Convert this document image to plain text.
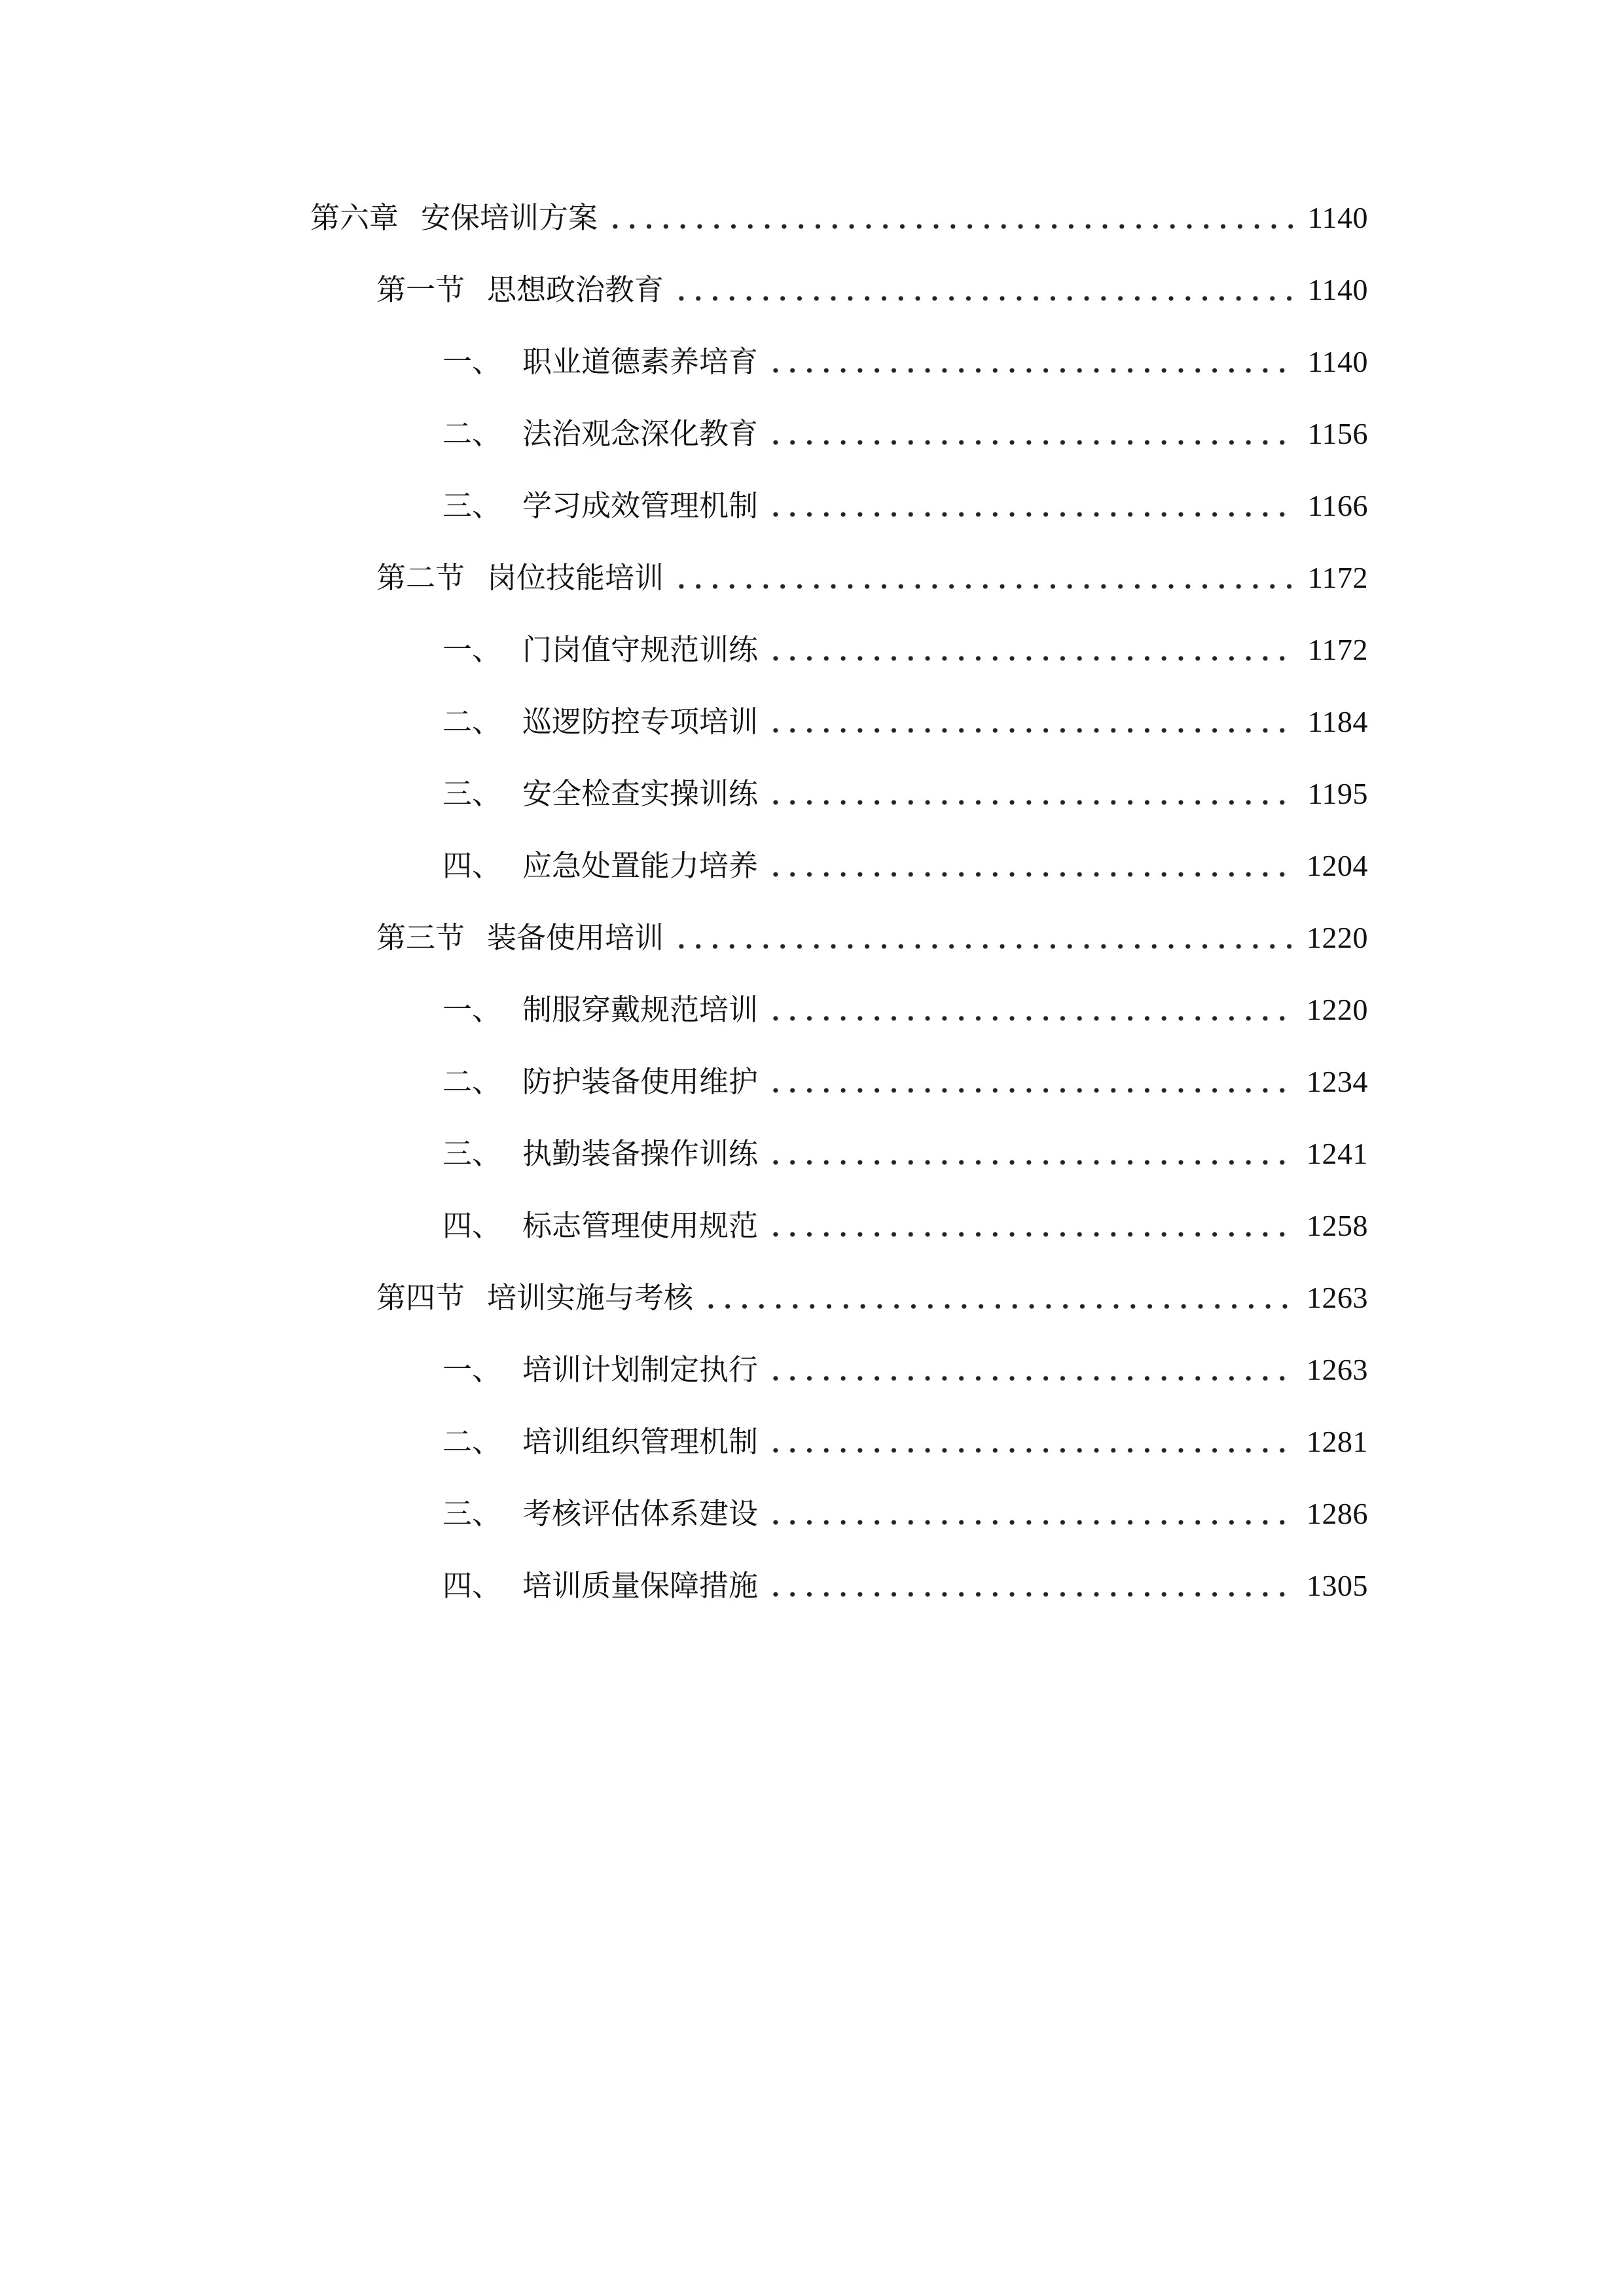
第六章 安保培训方案	1140
第一节 思想政治教育	1140
一、 职业道德素养培育	1140
二、 法治观念深化教育	1156
三、 学习成效管理机制	1166
第二节 岗位技能培训	1172
一、 门岗值守规范训练	1172
二、 巡逻防控专项培训	1184
三、 安全检查实操训练	1195
四、 应急处置能力培养	1204
第三节 装备使用培训	1220
一、 制服穿戴规范培训	1220
二、 防护装备使用维护	1234
三、 执勤装备操作训练	1241
四、 标志管理使用规范	1258
第四节 培训实施与考核	1263
一、 培训计划制定执行	1263
二、 培训组织管理机制	1281
三、 考核评估体系建设	1286
四、 培训质量保障措施	1305
